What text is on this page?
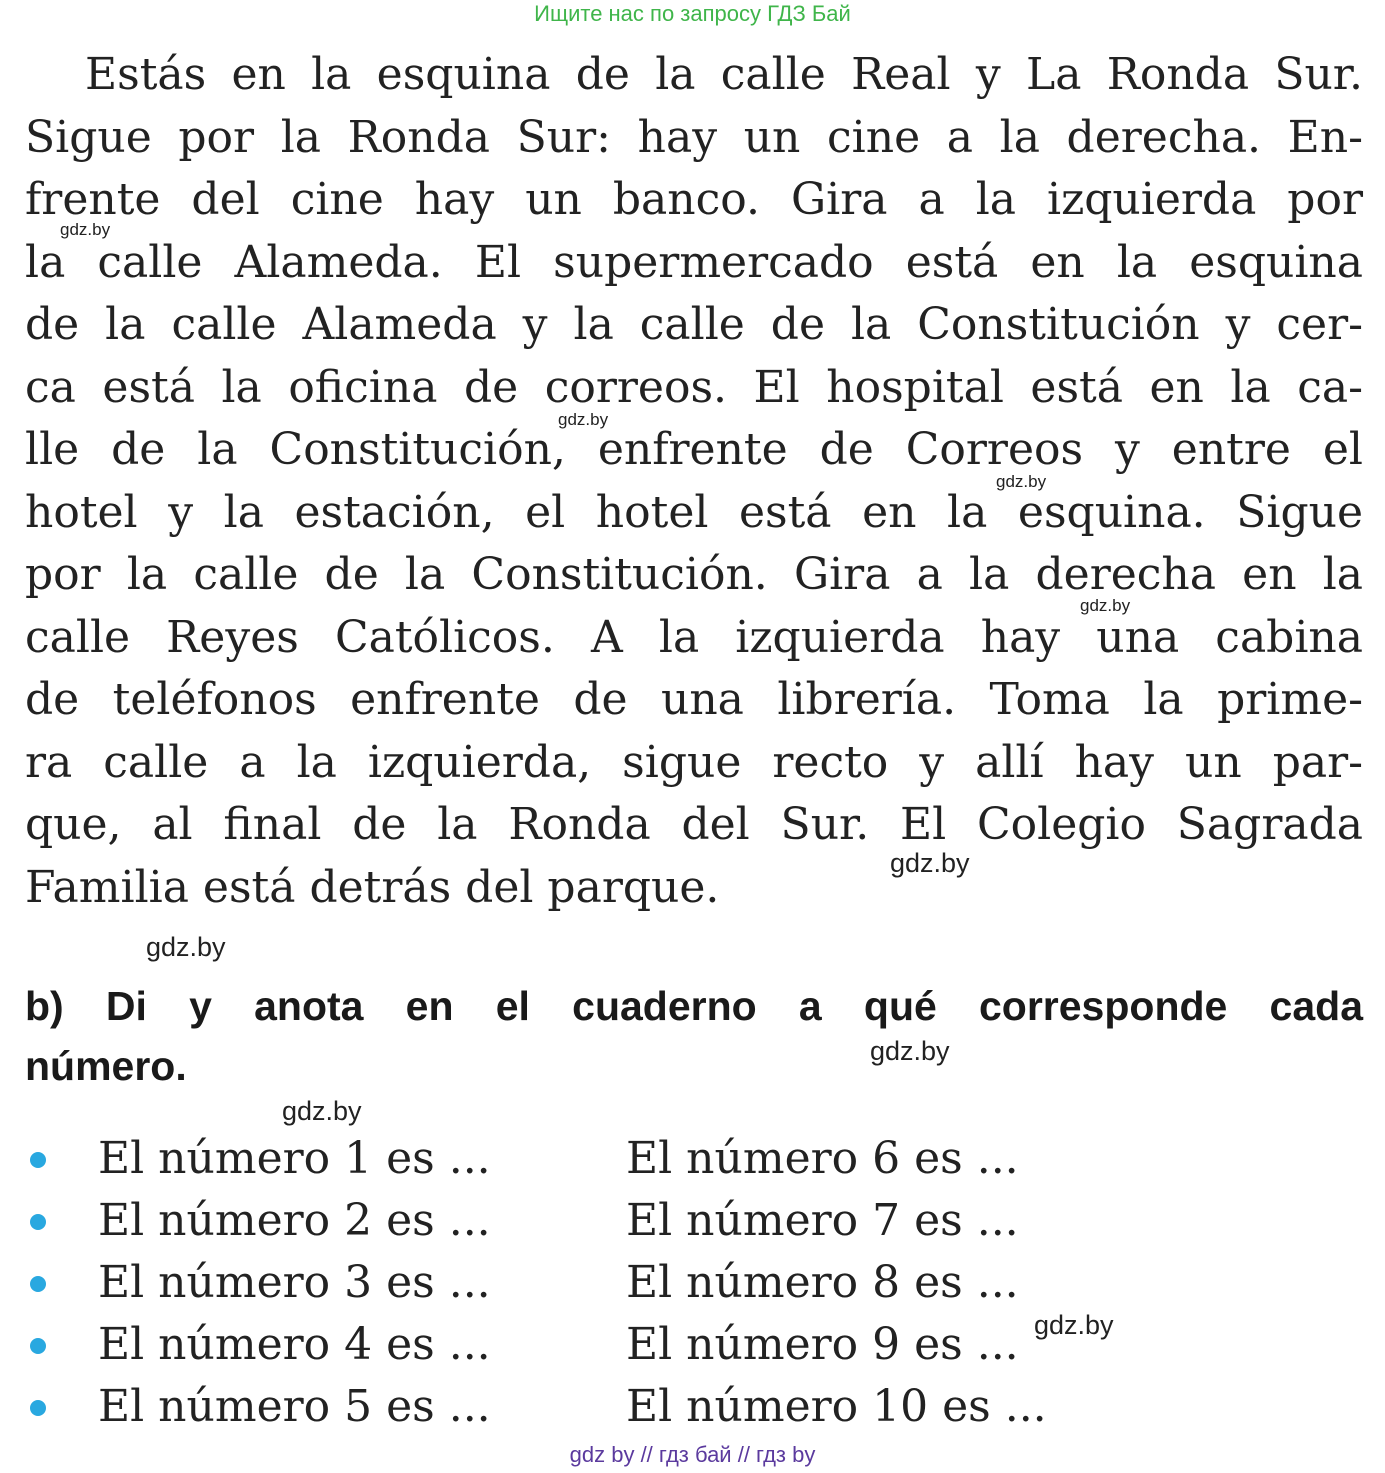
Ищите нас по запросу ГДЗ Бай

Estás en la esquina de la calle Real y La Ronda Sur.
Sigue por la Ronda Sur: hay un cine a la derecha. En-
frente del cine hay un banco. Gira a la izquierda por
la calle Alameda. El supermercado está en la esquina
de la calle Alameda y la calle de la Constitución y cer-
ca está la oficina de correos. El hospital está en la ca-
lle de la Constitución, enfrente de Correos y entre el
hotel y la estación, el hotel está en la esquina. Sigue
por la calle de la Constitución. Gira a la derecha en la
calle Reyes Católicos. A la izquierda hay una cabina
de teléfonos enfrente de una librería. Toma la prime-
ra calle a la izquierda, sigue recto y allí hay un par-
que, al final de la Ronda del Sur. El Colegio Sagrada
Familia está detrás del parque.

gdz.by
gdz.by
gdz.by
gdz.by
gdz.by
gdz.by
gdz.by
gdz.by
gdz.by
b) Di y anota en el cuaderno a qué corresponde cada
número.
El número 1 es ...
El número 2 es ...
El número 3 es ...
El número 4 es ...
El número 5 es ...
El número 6 es ...
El número 7 es ...
El número 8 es ...
El número 9 es ...
El número 10 es ...
gdz by // гдз бай // гдз by
